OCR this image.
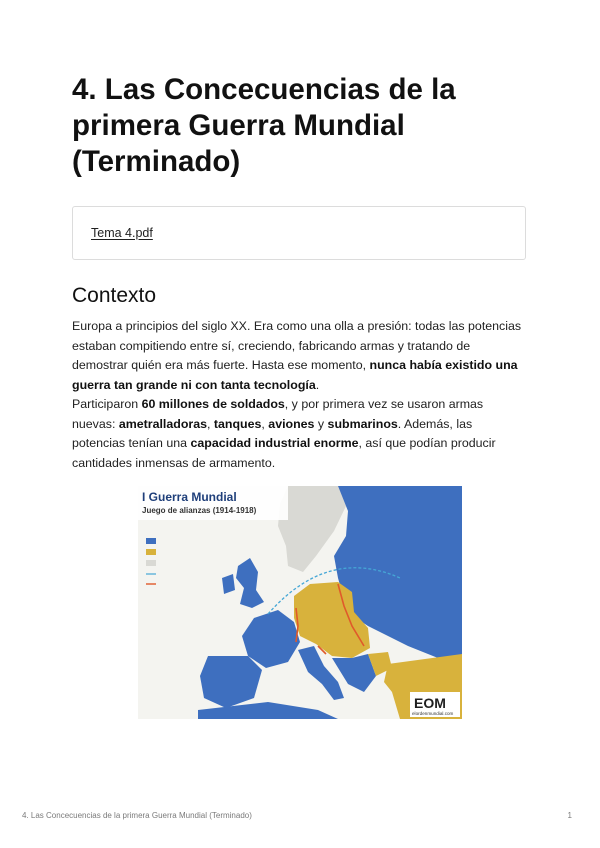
4. Las Concecuencias de la primera Guerra Mundial (Terminado)
Tema 4.pdf
Contexto

Europa a principios del siglo XX. Era como una olla a presión: todas las potencias estaban compitiendo entre sí, creciendo, fabricando armas y tratando de demostrar quién era más fuerte. Hasta ese momento, nunca había existido una guerra tan grande ni con tanta tecnología.

Participaron 60 millones de soldados, y por primera vez se usaron armas nuevas: ametralladoras, tanques, aviones y submarinos. Además, las potencias tenían una capacidad industrial enorme, así que podían producir cantidades inmensas de armamento.

I Guerra Mundial
Juego de alianzas (1914-1918)
EOM
elordenmundial.com
4. Las Concecuencias de la primera Guerra Mundial (Terminado)	1
